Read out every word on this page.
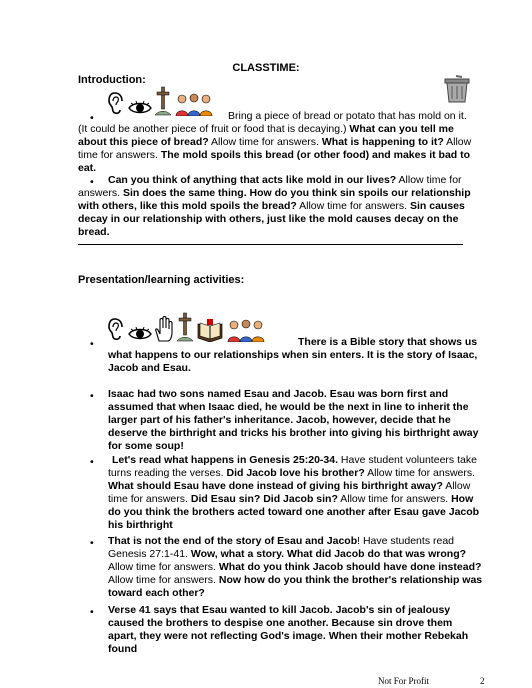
CLASSTIME:
Introduction:
•	Bring a piece of bread or potato that has mold on it. (It could be another piece of fruit or food that is decaying.) What can you tell me about this piece of bread? Allow time for answers. What is happening to it? Allow time for answers. The mold spoils this bread (or other food) and makes it bad to eat.
•	Can you think of anything that acts like mold in our lives? Allow time for answers. Sin does the same thing. How do you think sin spoils our relationship with others, like this mold spoils the bread? Allow time for answers. Sin causes decay in our relationship with others, just like the mold causes decay on the bread.
Presentation/learning activities:
•	There is a Bible story that shows us what happens to our relationships when sin enters. It is the story of Isaac, Jacob and Esau.
• Isaac had two sons named Esau and Jacob. Esau was born first and assumed that when Isaac died, he would be the next in line to inherit the larger part of his father's inheritance. Jacob, however, decide that he deserve the birthright and tricks his brother into giving his birthright away for some soup!
•	Let's read what happens in Genesis 25:20-34. Have student volunteers take turns reading the verses. Did Jacob love his brother? Allow time for answers. What should Esau have done instead of giving his birthright away? Allow time for answers. Did Esau sin? Did Jacob sin? Allow time for answers. How do you think the brothers acted toward one another after Esau gave Jacob his birthright
• That is not the end of the story of Esau and Jacob! Have students read Genesis 27:1-41. Wow, what a story. What did Jacob do that was wrong? Allow time for answers. What do you think Jacob should have done instead? Allow time for answers. Now how do you think the brother's relationship was toward each other?
• Verse 41 says that Esau wanted to kill Jacob. Jacob's sin of jealousy caused the brothers to despise one another. Because sin drove them apart, they were not reflecting God's image. When their mother Rebekah found
Not For Profit	2
